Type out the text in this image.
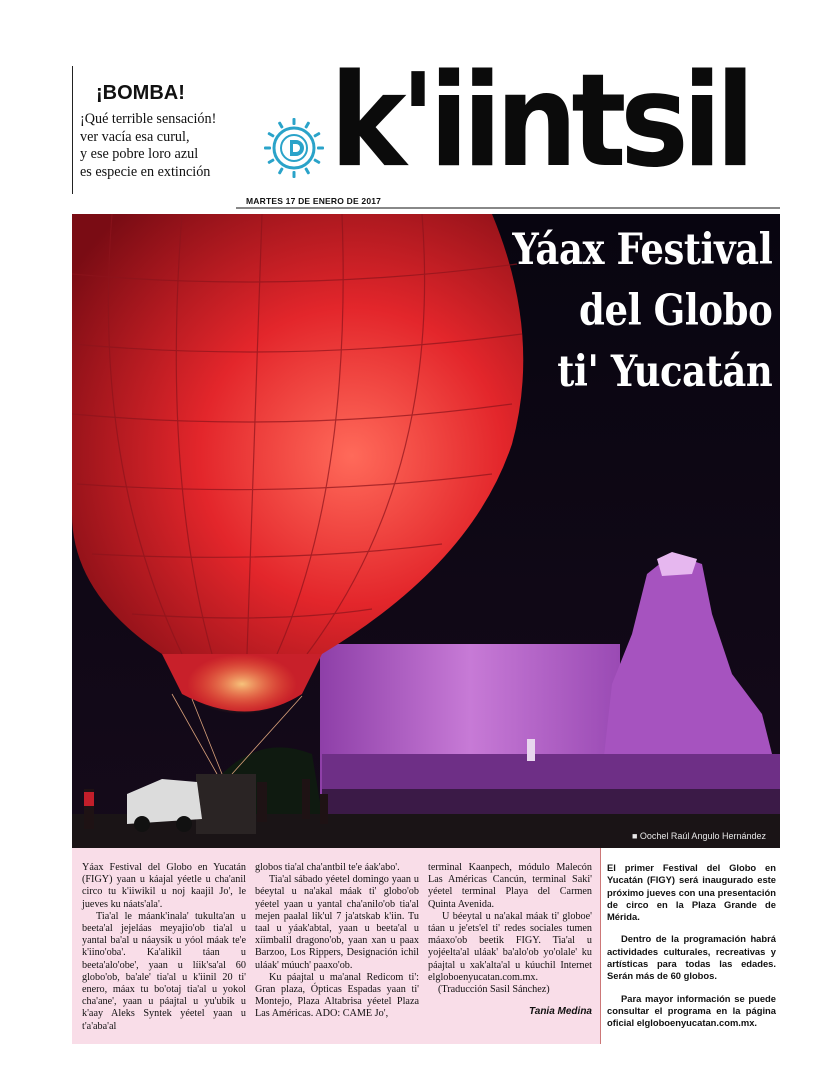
¡BOMBA!
¡Qué terrible sensación!
ver vacía esa curul,
y ese pobre loro azul
es especie en extinción k'iintsil
MARTES 17 DE ENERO DE 2017
Yáax Festival
del Globo
ti' Yucatán
■ Oochel Raúl Angulo Hernández

Yáax Festival del Globo en Yucatán (FIGY) yaan u káajal yéetle u cha'anil circo tu k'iiwikil u noj kaajil Jo', le jueves ku náats'ala'.

Tia'al le máank'inala' tukulta'an u beeta'al jejeláas meyajio'ob tia'al u yantal ba'al u náaysik u yóol máak te'e k'iino'oba'. Ka'alikil táan u beeta'alo'obe', yaan u líik'sa'al 60 globo'ob, ba'ale' tia'al u k'iinil 20 ti' enero, máax tu bo'otaj tia'al u yokol cha'ane', yaan u páajtal u yu'ubik u k'aay Aleks Syntek yéetel yaan u t'a'aba'al

globos tia'al cha'antbil te'e áak'abo'.

Tia'al sábado yéetel domingo yaan u béeytal u na'akal máak ti' globo'ob yéetel yaan u yantal cha'anilo'ob tia'al mejen paalal lik'ul 7 ja'atskab k'iin. Tu taal u yáak'abtal, yaan u beeta'al u xíimbalil dragono'ob, yaan xan u paax Barzoo, Los Rippers, Designación ichil uláak' múuch' paaxo'ob.

Ku páajtal u ma'anal Redicom ti': Gran plaza, Ópticas Espadas yaan ti' Montejo, Plaza Altabrisa yéetel Plaza Las Américas. ADO: CAME Jo',

terminal Kaanpech, módulo Malecón Las Américas Cancún, terminal Saki' yéetel terminal Playa del Carmen Quinta Avenida.

U béeytal u na'akal máak ti' globoe' táan u je'ets'el ti' redes sociales tumen máaxo'ob beetik FIGY. Tia'al u yojéelta'al uláak' ba'alo'ob yo'olale' ku páajtal u xak'alta'al u kúuchil Internet elgloboenyucatan.com.mx.

(Traducción Sasil Sánchez)

Tania Medina

El primer Festival del Globo en Yucatán (FIGY) será inaugurado este próximo jueves con una presentación de circo en la Plaza Grande de Mérida.

Dentro de la programación habrá actividades culturales, recreativas y artísticas para todas las edades. Serán más de 60 globos.

Para mayor información se puede consultar el programa en la página oficial elgloboenyucatan.com.mx.
